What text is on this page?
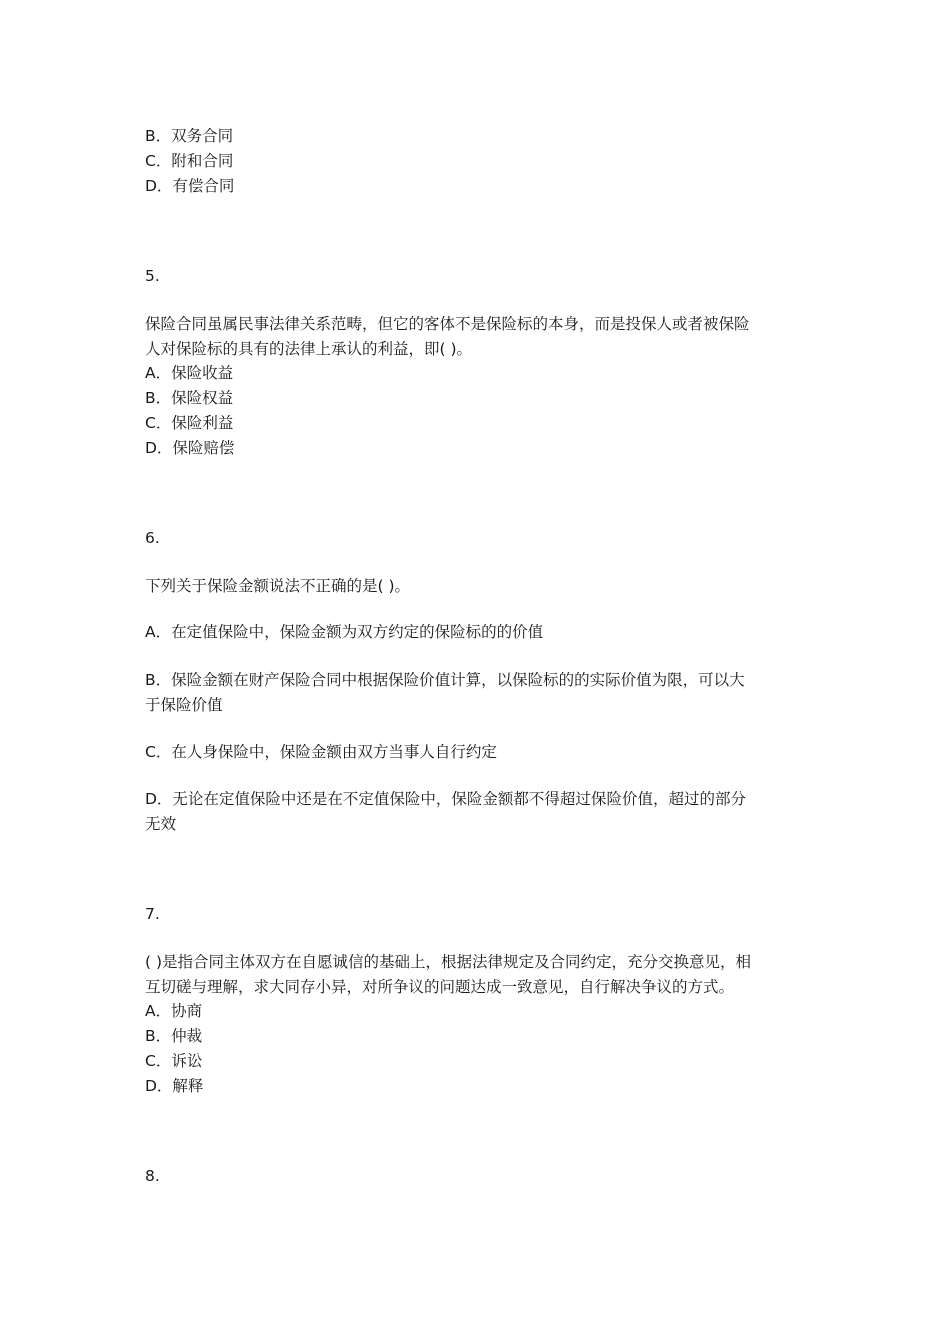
B．双务合同
C．附和合同
D．有偿合同
5.
保险合同虽属民事法律关系范畴，但它的客体不是保险标的本身，而是投保人或者被保险
人对保险标的具有的法律上承认的利益，即( )。
A．保险收益
B．保险权益
C．保险利益
D．保险赔偿
6.
下列关于保险金额说法不正确的是( )。
A．在定值保险中，保险金额为双方约定的保险标的的价值
B．保险金额在财产保险合同中根据保险价值计算，以保险标的的实际价值为限，可以大
于保险价值
C．在人身保险中，保险金额由双方当事人自行约定
D．无论在定值保险中还是在不定值保险中，保险金额都不得超过保险价值，超过的部分
无效
7.
( )是指合同主体双方在自愿诚信的基础上，根据法律规定及合同约定，充分交换意见，相
互切磋与理解，求大同存小异，对所争议的问题达成一致意见，自行解决争议的方式。
A．协商
B．仲裁
C．诉讼
D．解释
8.
